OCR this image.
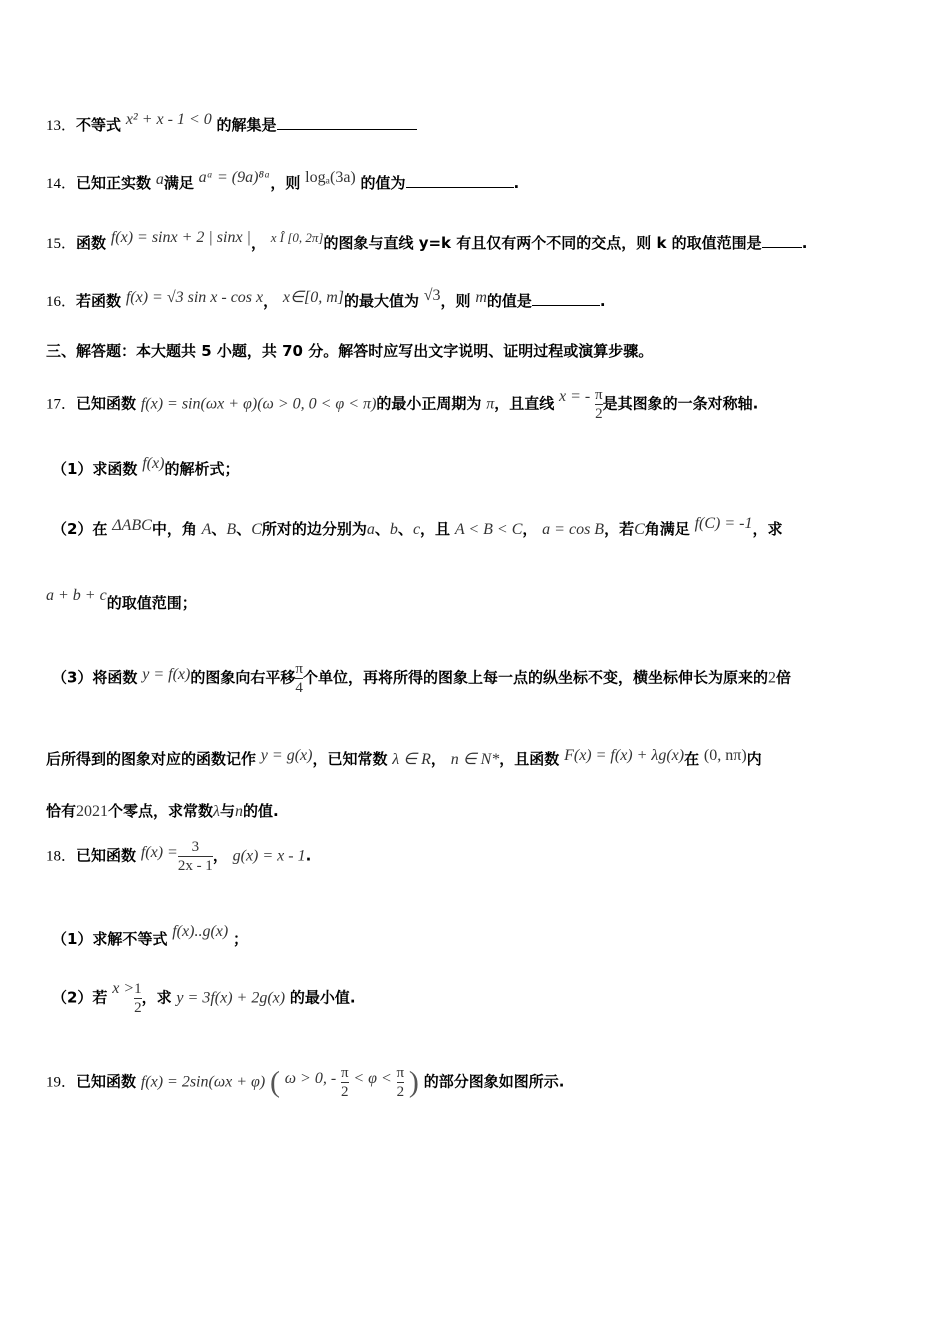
13．不等式 x² + x - 1 < 0 的解集是
14．已知正实数 a满足 aᵃ = (9a)⁸ᵃ，则 logₐ(3a) 的值为	.
15．函数 f(x) = sinx + 2 | sinx |， x Î [0, 2π]的图象与直线 y=k 有且仅有两个不同的交点，则 k 的取值范围是	.
16．若函数 f(x) = √3 sin x - cos x， x∈[0, m]的最大值为 √3，则 m的值是	.
三、解答题：本大题共 5 小题，共 70 分。解答时应写出文字说明、证明过程或演算步骤。
17．已知函数 f(x) = sin(ωx + φ)(ω > 0, 0 < φ < π)的最小正周期为 π，且直线 x = - $\frac{\pi}{2}$ 是其图象的一条对称轴.
（1）求函数 f(x)的解析式；
（2）在 ΔABC中，角 A、B、C所对的边分别为a、b、c，且 A < B < C， a = cos B，若C角满足 f(C) = -1，求
a + b + c的取值范围；
（3）将函数 y = f(x)的图象向右平移 $\frac{\pi}{4}$ 个单位，再将所得的图象上每一点的纵坐标不变，横坐标伸长为原来的2倍
后所得到的图象对应的函数记作 y = g(x)，已知常数 λ ∈ R， n ∈ N*，且函数 F(x) = f(x) + λg(x)在 (0, nπ)内
恰有2021个零点，求常数λ与n的值.
18．已知函数 $f(x) = \frac{3}{2x - 1}$ ， g(x) = x - 1.
（1）求解不等式 f(x)..g(x) ；
（2）若 $x > \frac{1}{2}$ ，求 y = 3f(x) + 2g(x) 的最小值.
19．已知函数 f(x) = 2sin(ωx + φ) ( ω > 0, - $\frac{\pi}{2} < \varphi < \frac{\pi}{2}$ ) 的部分图象如图所示.
